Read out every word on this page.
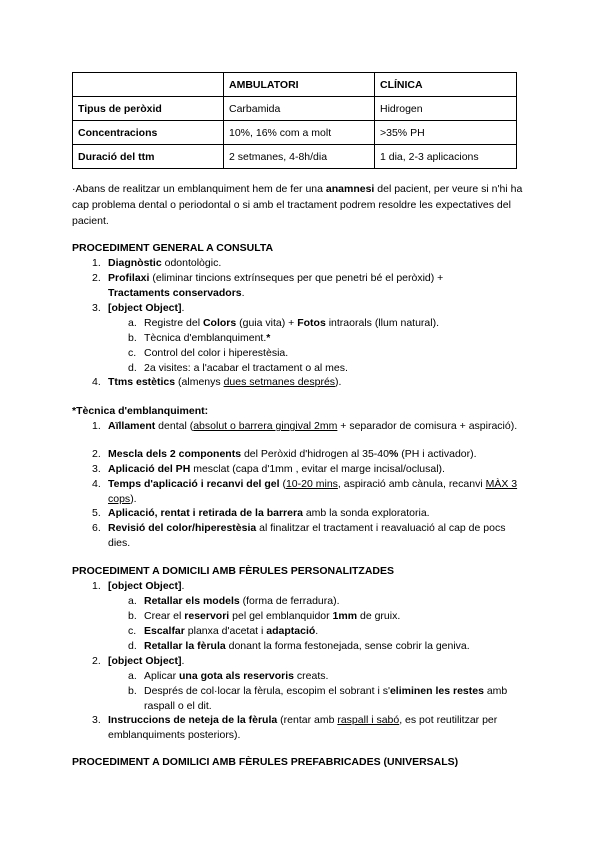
	AMBULATORI	CLÍNICA
Tipus de peròxid	Carbamida	Hidrogen
Concentracions	10%, 16% com a molt	>35% PH
Duració del ttm	2 setmanes, 4-8h/dia	1 dia, 2-3 aplicacions
·Abans de realitzar un emblanquiment hem de fer una anamnesi del pacient, per veure si n'hi ha cap problema dental o periodontal o si amb el tractament podrem resoldre les expectatives del pacient.
PROCEDIMENT GENERAL A CONSULTA
1. Diagnòstic odontològic.
2. Profilaxi (eliminar tincions extrínseques per que penetri bé el peròxid) +
Tractaments conservadors.
3. [object Object].
a. Registre del Colors (guia vita) + Fotos intraorals (llum natural).
b. Tècnica d'emblanquiment.*
c. Control del color i hiperestèsia.
d. 2a visites: a l'acabar el tractament o al mes.
4. Ttms estètics (almenys dues setmanes després).
*Tècnica d'emblanquiment:
1. Aïllament dental (absolut o barrera gingival 2mm + separador de comisura + aspiració).
2. Mescla dels 2 components del Peròxid d'hidrogen al 35-40% (PH i activador).
3. Aplicació del PH mesclat (capa d'1mm , evitar el marge incisal/oclusal).
4. Temps d'aplicació i recanvi del gel (10-20 mins, aspiració amb cànula, recanvi MÀX 3 cops).
5. Aplicació, rentat i retirada de la barrera amb la sonda exploratoria.
6. Revisió del color/hiperestèsia al finalitzar el tractament i reavaluació al cap de pocs dies.
PROCEDIMENT A DOMICILI AMB FÈRULES PERSONALITZADES
1. [object Object].
a. Retallar els models (forma de ferradura).
b. Crear el reservori pel gel emblanquidor 1mm de gruix.
c. Escalfar planxa d'acetat i adaptació.
d. Retallar la fèrula donant la forma festonejada, sense cobrir la geniva.
2. [object Object].
a. Aplicar una gota als reservoris creats.
b. Després de col·locar la fèrula, escopim el sobrant i s'eliminen les restes amb raspall o el dit.
3. Instruccions de neteja de la fèrula (rentar amb raspall i sabó, es pot reutilitzar per emblanquiments posteriors).
PROCEDIMENT A DOMILICI AMB FÈRULES PREFABRICADES (UNIVERSALS)
